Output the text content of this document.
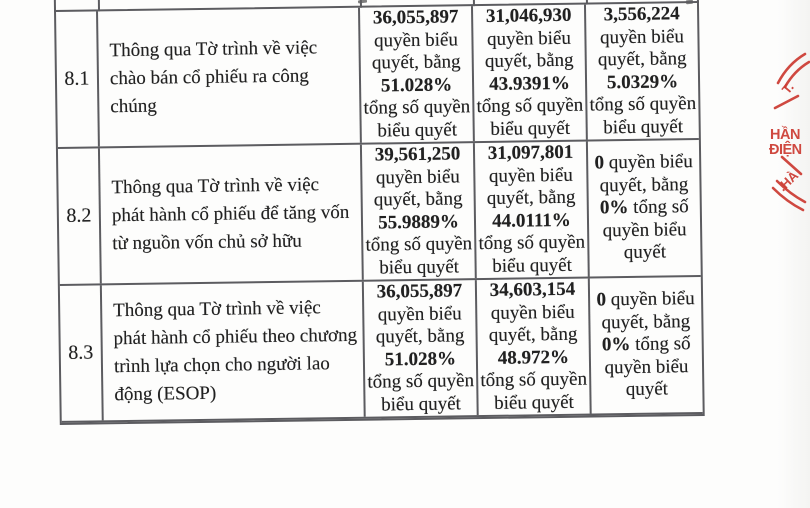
8.1
Thông qua Tờ trình về việc chào bán cổ phiếu ra công chúng
36,055,897 quyền biểu quyết, bằng 51.028% tổng số quyền biểu quyết
31,046,930 quyền biểu quyết, bằng 43.9391% tổng số quyền biểu quyết
3,556,224 quyền biểu quyết, bằng 5.0329% tổng số quyền biểu quyết
8.2
Thông qua Tờ trình về việc phát hành cổ phiếu để tăng vốn từ nguồn vốn chủ sở hữu
39,561,250 quyền biểu quyết, bằng 55.9889% tổng số quyền biểu quyết
31,097,801 quyền biểu quyết, bằng 44.0111% tổng số quyền biểu quyết
0 quyền biểu quyết, bằng 0% tổng số quyền biểu quyết
8.3
Thông qua Tờ trình về việc phát hành cổ phiếu theo chương trình lựa chọn cho người lao động (ESOP)
36,055,897 quyền biểu quyết, bằng 51.028% tổng số quyền biểu quyết
34,603,154 quyền biểu quyết, bằng 48.972% tổng số quyền biểu quyết
0 quyền biểu quyết, bằng 0% tổng số quyền biểu quyết
T.
HẦN
ĐIỆN
.HÀ
